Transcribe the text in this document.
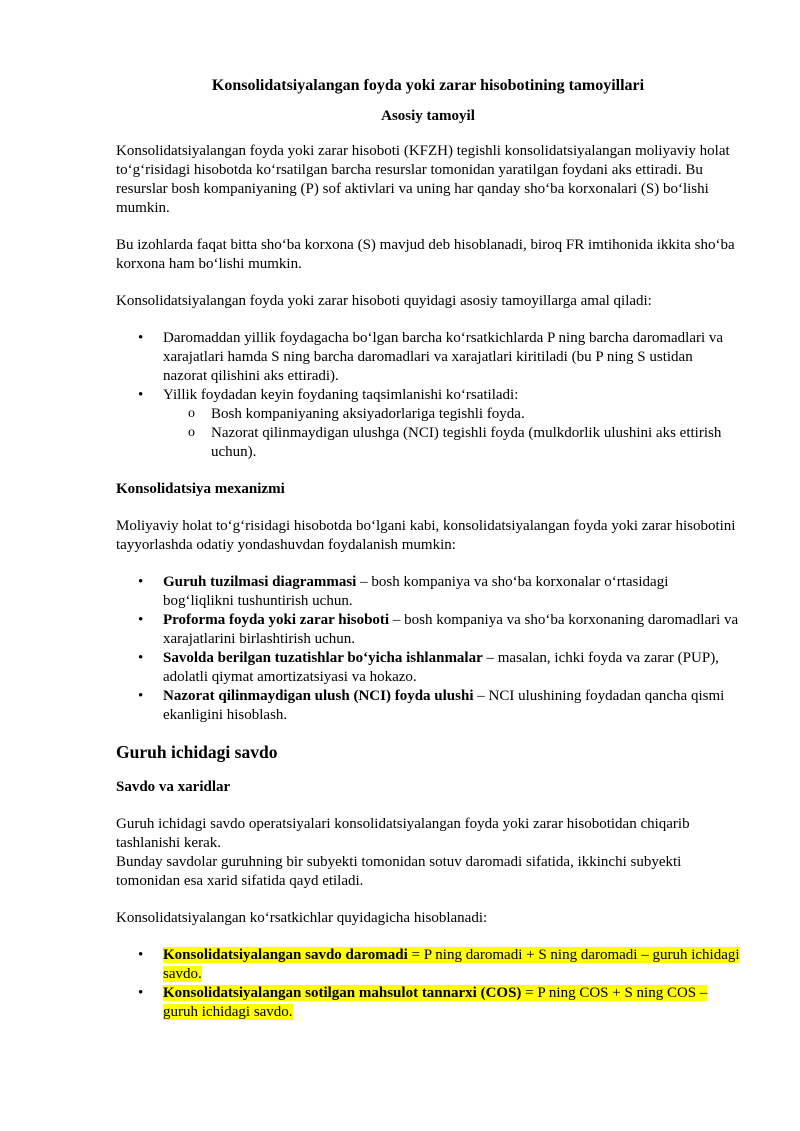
Konsolidatsiyalangan foyda yoki zarar hisobotining tamoyillari
Asosiy tamoyil

Konsolidatsiyalangan foyda yoki zarar hisoboti (KFZH) tegishli konsolidatsiyalangan moliyaviy holat to‘g‘risidagi hisobotda ko‘rsatilgan barcha resurslar tomonidan yaratilgan foydani aks ettiradi. Bu resurslar bosh kompaniyaning (P) sof aktivlari va uning har qanday sho‘ba korxonalari (S) bo‘lishi mumkin.

Bu izohlarda faqat bitta sho‘ba korxona (S) mavjud deb hisoblanadi, biroq FR imtihonida ikkita sho‘ba korxona ham bo‘lishi mumkin.

Konsolidatsiyalangan foyda yoki zarar hisoboti quyidagi asosiy tamoyillarga amal qiladi:

• Daromaddan yillik foydagacha bo‘lgan barcha ko‘rsatkichlarda P ning barcha daromadlari va xarajatlari hamda S ning barcha daromadlari va xarajatlari kiritiladi (bu P ning S ustidan nazorat qilishini aks ettiradi).
• Yillik foydadan keyin foydaning taqsimlanishi ko‘rsatiladi:
o Bosh kompaniyaning aksiyadorlariga tegishli foyda.
o Nazorat qilinmaydigan ulushga (NCI) tegishli foyda (mulkdorlik ulushini aks ettirish uchun).
Konsolidatsiya mexanizmi

Moliyaviy holat to‘g‘risidagi hisobotda bo‘lgani kabi, konsolidatsiyalangan foyda yoki zarar hisobotini tayyorlashda odatiy yondashuvdan foydalanish mumkin:

• Guruh tuzilmasi diagrammasi – bosh kompaniya va sho‘ba korxonalar o‘rtasidagi bog‘liqlikni tushuntirish uchun.
• Proforma foyda yoki zarar hisoboti – bosh kompaniya va sho‘ba korxonaning daromadlari va xarajatlarini birlashtirish uchun.
• Savolda berilgan tuzatishlar bo‘yicha ishlanmalar – masalan, ichki foyda va zarar (PUP), adolatli qiymat amortizatsiyasi va hokazo.
• Nazorat qilinmaydigan ulush (NCI) foyda ulushi – NCI ulushining foydadan qancha qismi ekanligini hisoblash.
Guruh ichidagi savdo
Savdo va xaridlar

Guruh ichidagi savdo operatsiyalari konsolidatsiyalangan foyda yoki zarar hisobotidan chiqarib tashlanishi kerak.
Bunday savdolar guruhning bir subyekti tomonidan sotuv daromadi sifatida, ikkinchi subyekti tomonidan esa xarid sifatida qayd etiladi.

Konsolidatsiyalangan ko‘rsatkichlar quyidagicha hisoblanadi:

• Konsolidatsiyalangan savdo daromadi = P ning daromadi + S ning daromadi – guruh ichidagi savdo.
• Konsolidatsiyalangan sotilgan mahsulot tannarxi (COS) = P ning COS + S ning COS – guruh ichidagi savdo.
